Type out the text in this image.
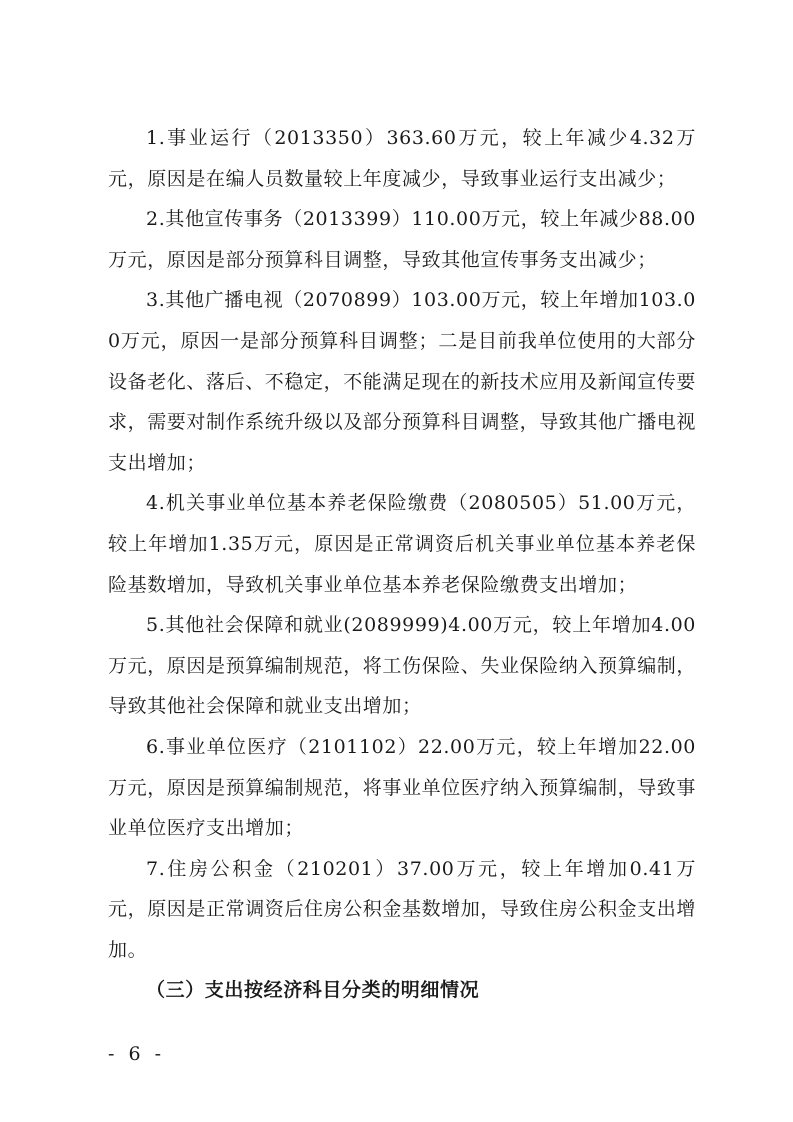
1.事业运行（2013350）363.60万元，较上年减少4.32万元，原因是在编人员数量较上年度减少，导致事业运行支出减少；

2.其他宣传事务（2013399）110.00万元，较上年减少88.00万元，原因是部分预算科目调整，导致其他宣传事务支出减少；

3.其他广播电视（2070899）103.00万元，较上年增加103.00万元，原因一是部分预算科目调整；二是目前我单位使用的大部分设备老化、落后、不稳定，不能满足现在的新技术应用及新闻宣传要求，需要对制作系统升级以及部分预算科目调整，导致其他广播电视支出增加；

4.机关事业单位基本养老保险缴费（2080505）51.00万元，较上年增加1.35万元，原因是正常调资后机关事业单位基本养老保险基数增加，导致机关事业单位基本养老保险缴费支出增加；

5.其他社会保障和就业(2089999)4.00万元，较上年增加4.00万元，原因是预算编制规范，将工伤保险、失业保险纳入预算编制，导致其他社会保障和就业支出增加；

6.事业单位医疗（2101102）22.00万元，较上年增加22.00万元，原因是预算编制规范，将事业单位医疗纳入预算编制，导致事业单位医疗支出增加；

7.住房公积金（210201）37.00万元，较上年增加0.41万元，原因是正常调资后住房公积金基数增加，导致住房公积金支出增加。

（三）支出按经济科目分类的明细情况

- 6 -
